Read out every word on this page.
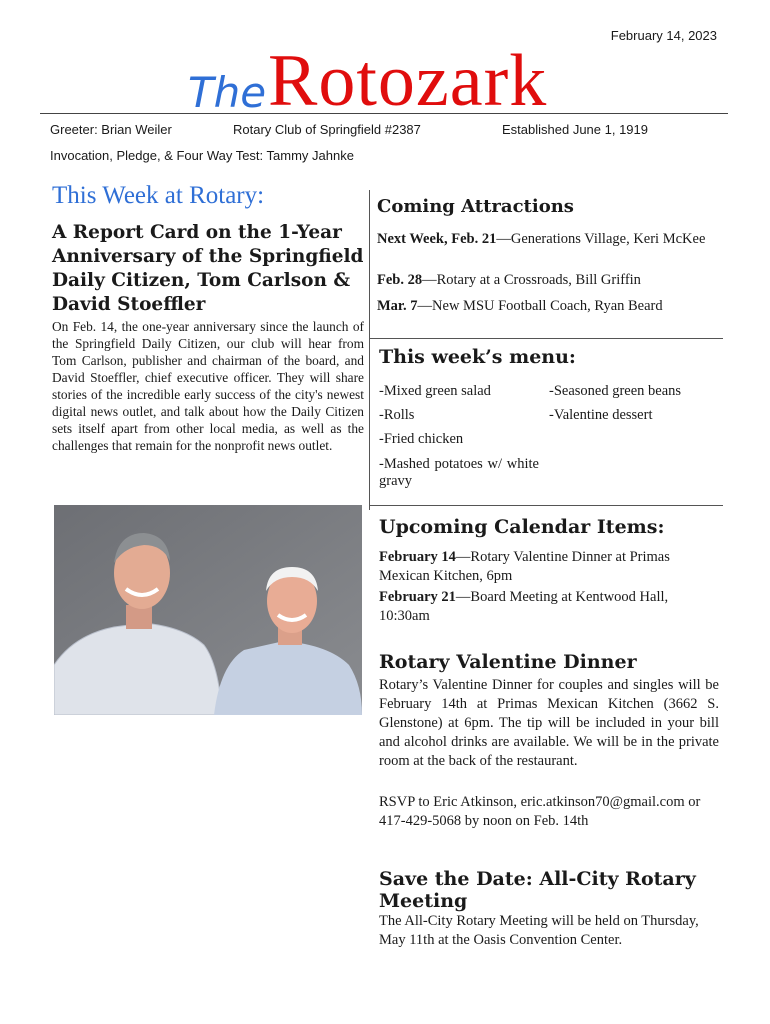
February 14, 2023
The Rotozark
Greeter: Brian Weiler	Rotary Club of Springfield #2387	Established June 1, 1919
Invocation, Pledge, & Four Way Test: Tammy Jahnke
This Week at Rotary:
A Report Card on the 1-Year Anniversary of the Springfield Daily Citizen, Tom Carlson & David Stoeffler
On Feb. 14, the one-year anniversary since the launch of the Springfield Daily Citizen, our club will hear from Tom Carlson, publisher and chairman of the board, and David Stoeffler, chief executive officer. They will share stories of the incredible early success of the city's newest digital news outlet, and talk about how the Daily Citizen sets itself apart from other local media, as well as the challenges that remain for the nonprofit news outlet.
Coming Attractions
Next Week, Feb. 21—Generations Village, Keri McKee
Feb. 28—Rotary at a Crossroads, Bill Griffin
Mar. 7—New MSU Football Coach, Ryan Beard
This week’s menu:
-Mixed green salad
-Rolls
-Fried chicken
-Mashed potatoes w/ white gravy
-Seasoned green beans
-Valentine dessert
Upcoming Calendar Items:
February 14—Rotary Valentine Dinner at Primas Mexican Kitchen, 6pm
February 21—Board Meeting at Kentwood Hall, 10:30am
Rotary Valentine Dinner
Rotary’s Valentine Dinner for couples and singles will be February 14th at Primas Mexican Kitchen (3662 S. Glenstone) at 6pm. The tip will be included in your bill and alcohol drinks are available. We will be in the private room at the back of the restaurant.
RSVP to Eric Atkinson, eric.atkinson70@gmail.com or 417-429-5068 by noon on Feb. 14th
Save the Date: All-City Rotary Meeting
The All-City Rotary Meeting will be held on Thursday, May 11th at the Oasis Convention Center.
